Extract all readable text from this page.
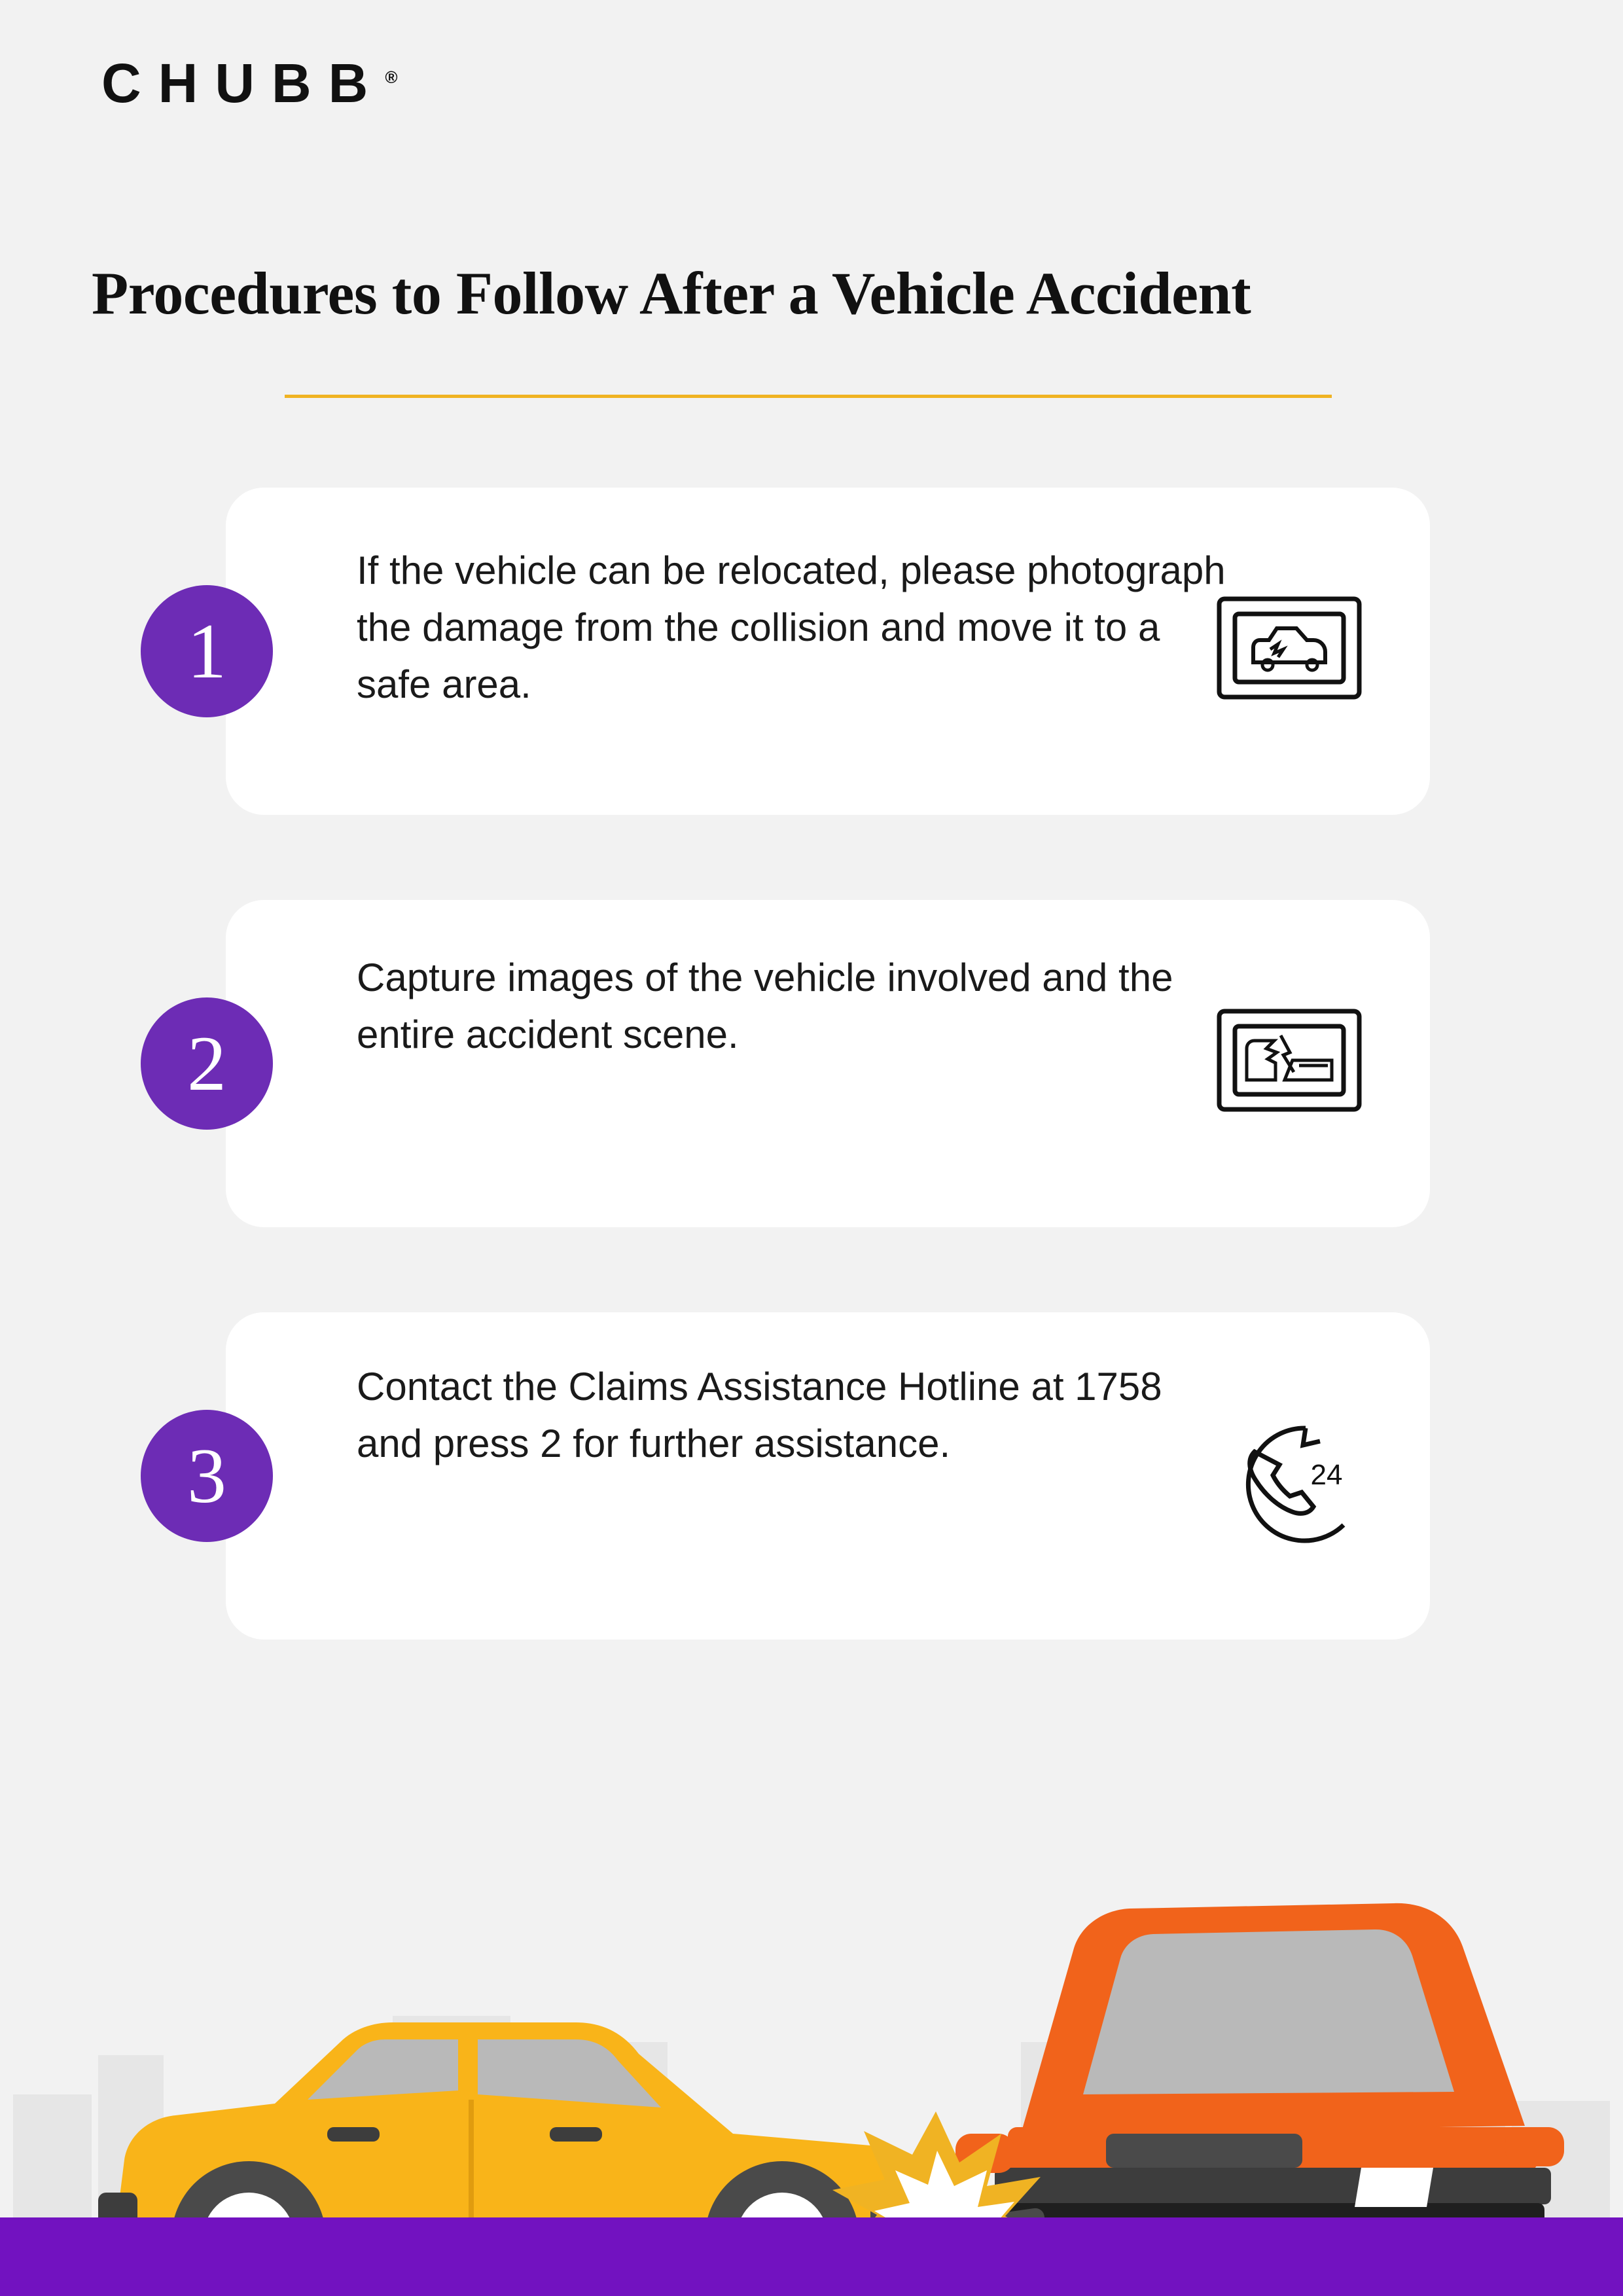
CHUBB®
Procedures to Follow After a Vehicle Accident
1
If the vehicle can be relocated, please photograph the damage from the collision and move it to a safe area.
2
Capture images of the vehicle involved and the entire accident scene.
3
Contact the Claims Assistance Hotline at 1758 and press 2 for further assistance.
24
